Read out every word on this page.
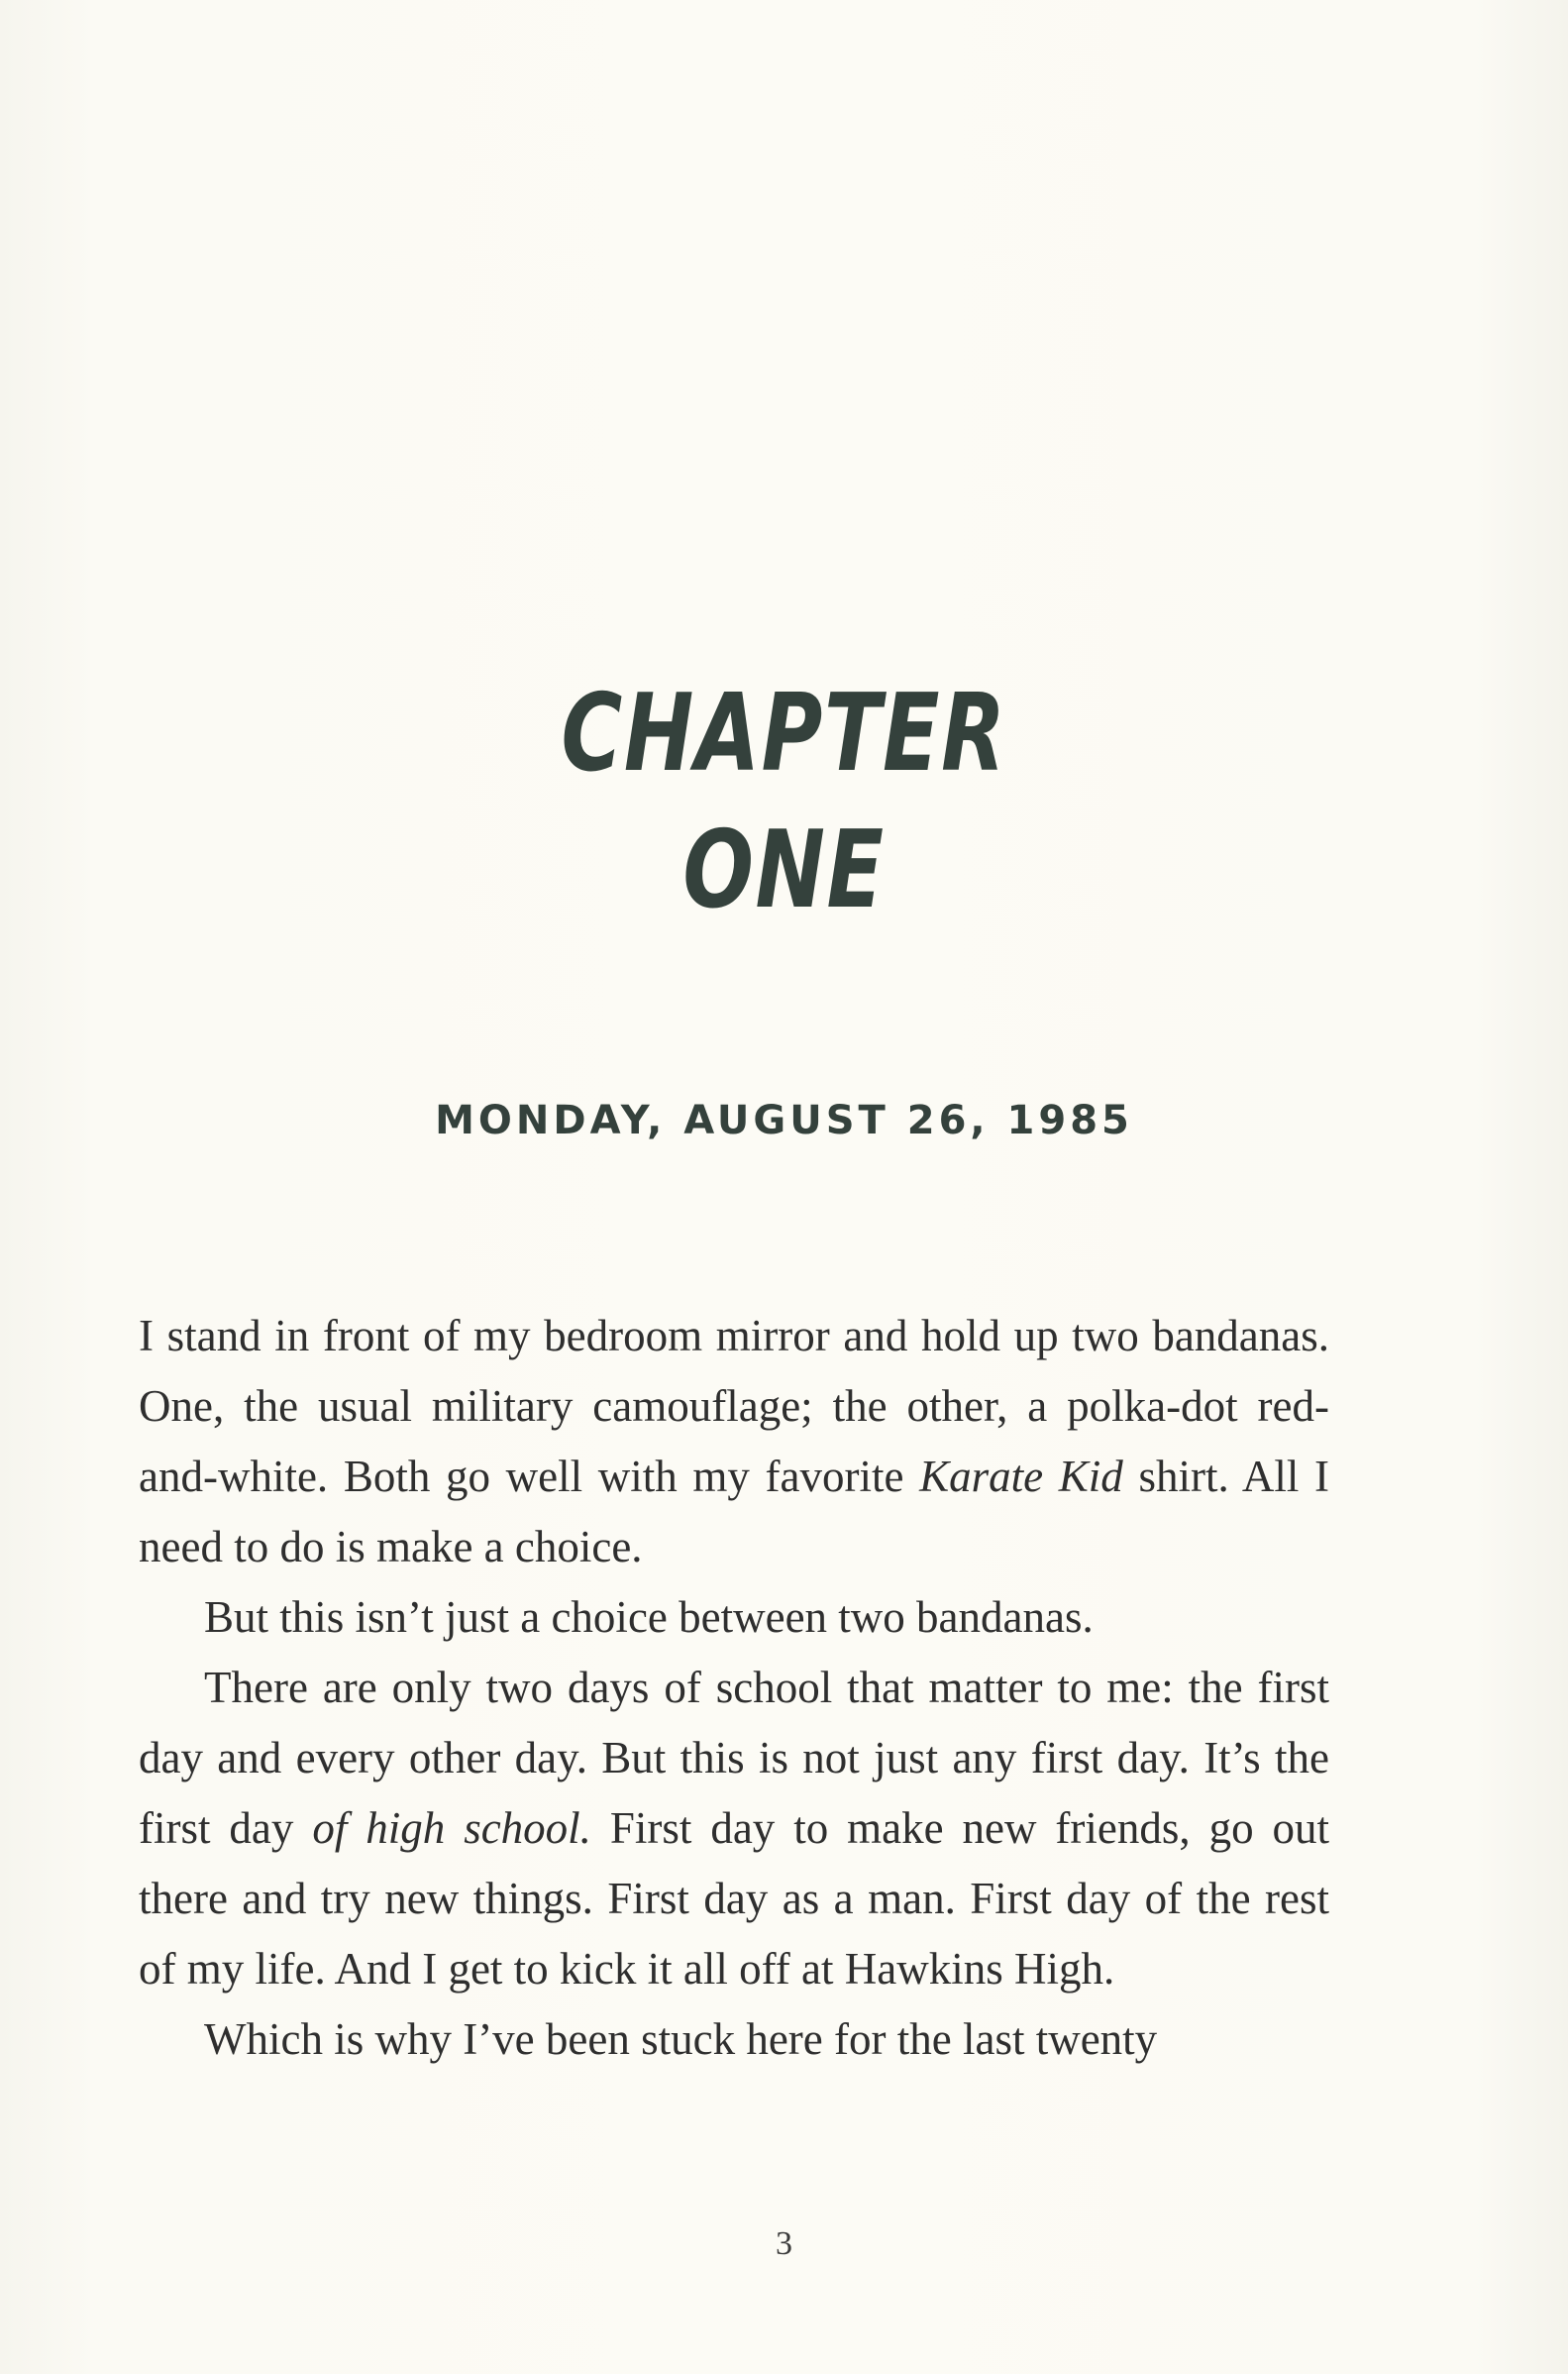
CHAPTER
ONE
MONDAY, AUGUST 26, 1985

I stand in front of my bedroom mirror and hold up two bandanas. One, the usual military camouflage; the other, a polka-dot red-and-white. Both go well with my favorite Karate Kid shirt. All I need to do is make a choice.

But this isn’t just a choice between two bandanas.

There are only two days of school that matter to me: the first day and every other day. But this is not just any first day. It’s the first day of high school. First day to make new friends, go out there and try new things. First day as a man. First day of the rest of my life. And I get to kick it all off at Hawkins High.

Which is why I’ve been stuck here for the last twenty

3
